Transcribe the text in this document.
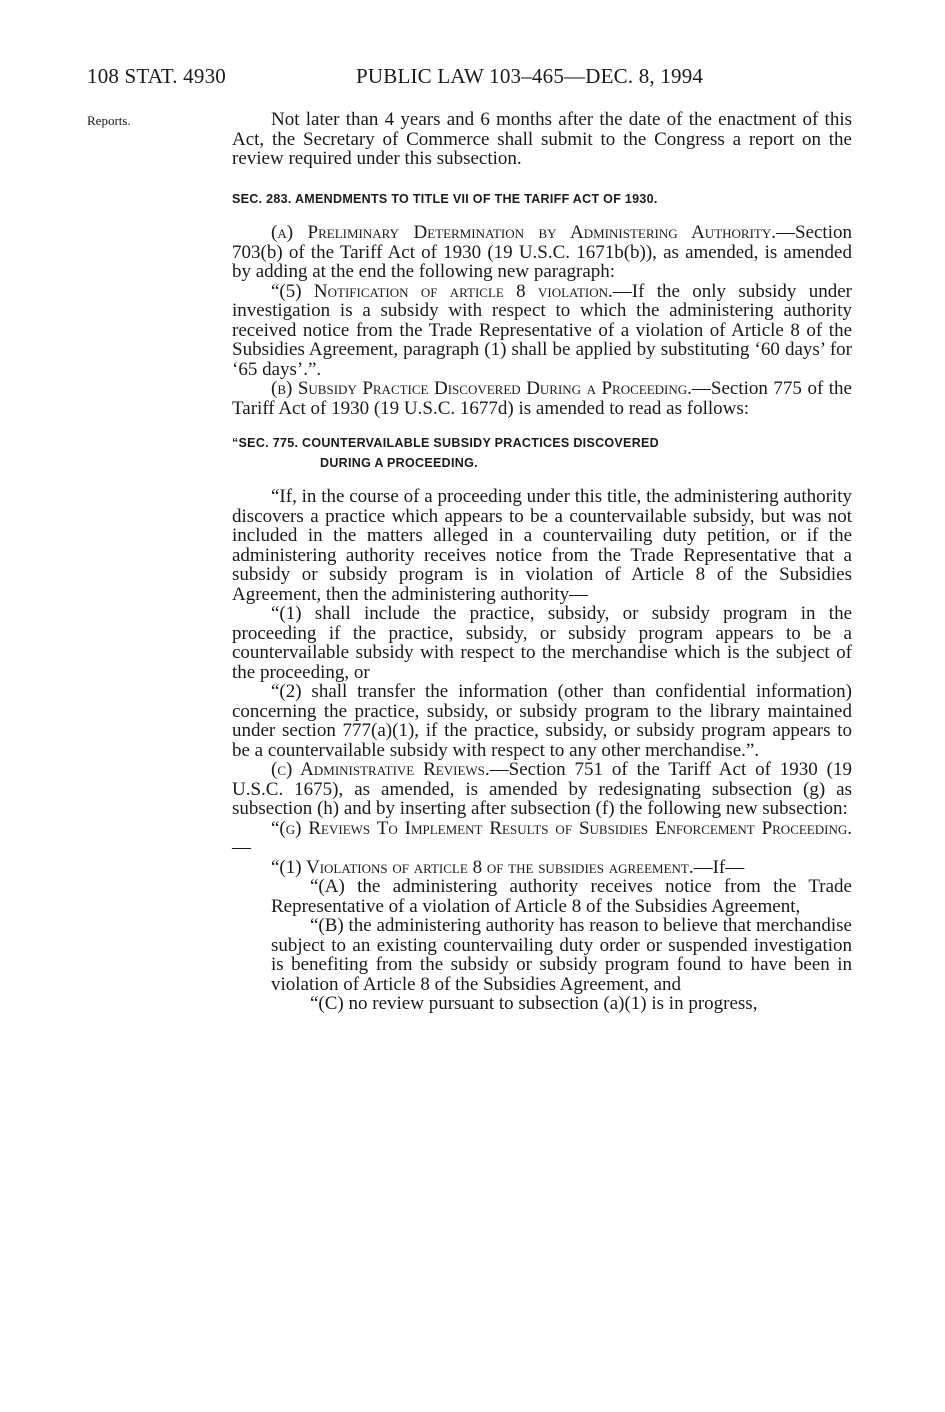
108 STAT. 4930	PUBLIC LAW 103–465—DEC. 8, 1994
Reports.	Not later than 4 years and 6 months after the date of the enactment of this Act, the Secretary of Commerce shall submit to the Congress a report on the review required under this subsection.

SEC. 283. AMENDMENTS TO TITLE VII OF THE TARIFF ACT OF 1930.

(a) Preliminary Determination by Administering Authority.—Section 703(b) of the Tariff Act of 1930 (19 U.S.C. 1671b(b)), as amended, is amended by adding at the end the following new paragraph:

“(5) Notification of article 8 violation.—If the only subsidy under investigation is a subsidy with respect to which the administering authority received notice from the Trade Representative of a violation of Article 8 of the Subsidies Agreement, paragraph (1) shall be applied by substituting ‘60 days’ for ‘65 days’.”.

(b) Subsidy Practice Discovered During a Proceeding.—Section 775 of the Tariff Act of 1930 (19 U.S.C. 1677d) is amended to read as follows:

“SEC. 775. COUNTERVAILABLE SUBSIDY PRACTICES DISCOVERED
DURING A PROCEEDING.

“If, in the course of a proceeding under this title, the administering authority discovers a practice which appears to be a countervailable subsidy, but was not included in the matters alleged in a countervailing duty petition, or if the administering authority receives notice from the Trade Representative that a subsidy or subsidy program is in violation of Article 8 of the Subsidies Agreement, then the administering authority—

“(1) shall include the practice, subsidy, or subsidy program in the proceeding if the practice, subsidy, or subsidy program appears to be a countervailable subsidy with respect to the merchandise which is the subject of the proceeding, or

“(2) shall transfer the information (other than confidential information) concerning the practice, subsidy, or subsidy program to the library maintained under section 777(a)(1), if the practice, subsidy, or subsidy program appears to be a countervailable subsidy with respect to any other merchandise.”.

(c) Administrative Reviews.—Section 751 of the Tariff Act of 1930 (19 U.S.C. 1675), as amended, is amended by redesignating subsection (g) as subsection (h) and by inserting after subsection (f) the following new subsection:

“(g) Reviews To Implement Results of Subsidies Enforcement Proceeding.—

“(1) Violations of article 8 of the subsidies agreement.—If—

“(A) the administering authority receives notice from the Trade Representative of a violation of Article 8 of the Subsidies Agreement,

“(B) the administering authority has reason to believe that merchandise subject to an existing countervailing duty order or suspended investigation is benefiting from the subsidy or subsidy program found to have been in violation of Article 8 of the Subsidies Agreement, and

“(C) no review pursuant to subsection (a)(1) is in progress,
